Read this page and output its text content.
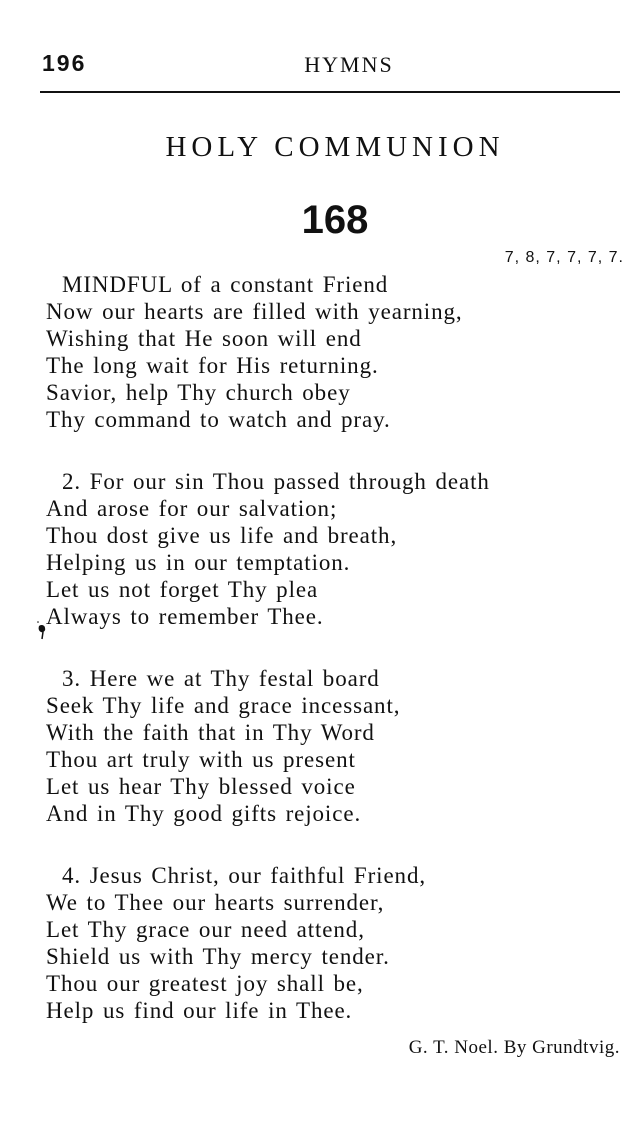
196	HYMNS
HOLY COMMUNION
168
7, 8, 7, 7, 7, 7.
MINDFUL of a constant Friend
Now our hearts are filled with yearning,
Wishing that He soon will end
The long wait for His returning.
Savior, help Thy church obey
Thy command to watch and pray.
2. For our sin Thou passed through death
And arose for our salvation;
Thou dost give us life and breath,
Helping us in our temptation.
Let us not forget Thy plea
Always to remember Thee.
3. Here we at Thy festal board
Seek Thy life and grace incessant,
With the faith that in Thy Word
Thou art truly with us present
Let us hear Thy blessed voice
And in Thy good gifts rejoice.
4. Jesus Christ, our faithful Friend,
We to Thee our hearts surrender,
Let Thy grace our need attend,
Shield us with Thy mercy tender.
Thou our greatest joy shall be,
Help us find our life in Thee.
G. T. Noel. By Grundtvig.
